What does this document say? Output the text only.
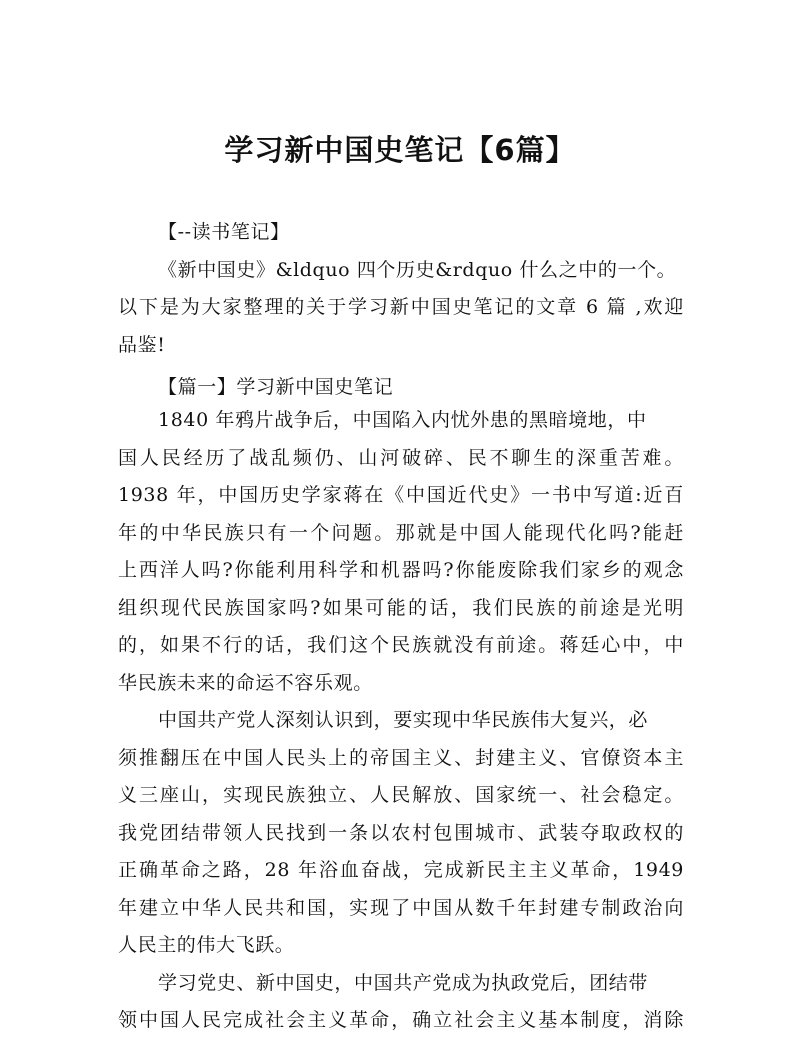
学习新中国史笔记【6篇】
【--读书笔记】
《新中国史》&ldquo 四个历史&rdquo 什么之中的一个。
以下是为大家整理的关于学习新中国史笔记的文章 6 篇 ,欢迎
品鉴!
【篇一】学习新中国史笔记
1840 年鸦片战争后，中国陷入内忧外患的黑暗境地，中
国人民经历了战乱频仍、山河破碎、民不聊生的深重苦难。
1938 年，中国历史学家蒋在《中国近代史》一书中写道:近百
年的中华民族只有一个问题。那就是中国人能现代化吗?能赶
上西洋人吗?你能利用科学和机器吗?你能废除我们家乡的观念
组织现代民族国家吗?如果可能的话，我们民族的前途是光明
的，如果不行的话，我们这个民族就没有前途。蒋廷心中，中
华民族未来的命运不容乐观。
中国共产党人深刻认识到，要实现中华民族伟大复兴，必
须推翻压在中国人民头上的帝国主义、封建主义、官僚资本主
义三座山，实现民族独立、人民解放、国家统一、社会稳定。
我党团结带领人民找到一条以农村包围城市、武装夺取政权的
正确革命之路，28 年浴血奋战，完成新民主主义革命，1949
年建立中华人民共和国，实现了中国从数千年封建专制政治向
人民主的伟大飞跃。
学习党史、新中国史，中国共产党成为执政党后，团结带
领中国人民完成社会主义革命，确立社会主义基本制度，消除
